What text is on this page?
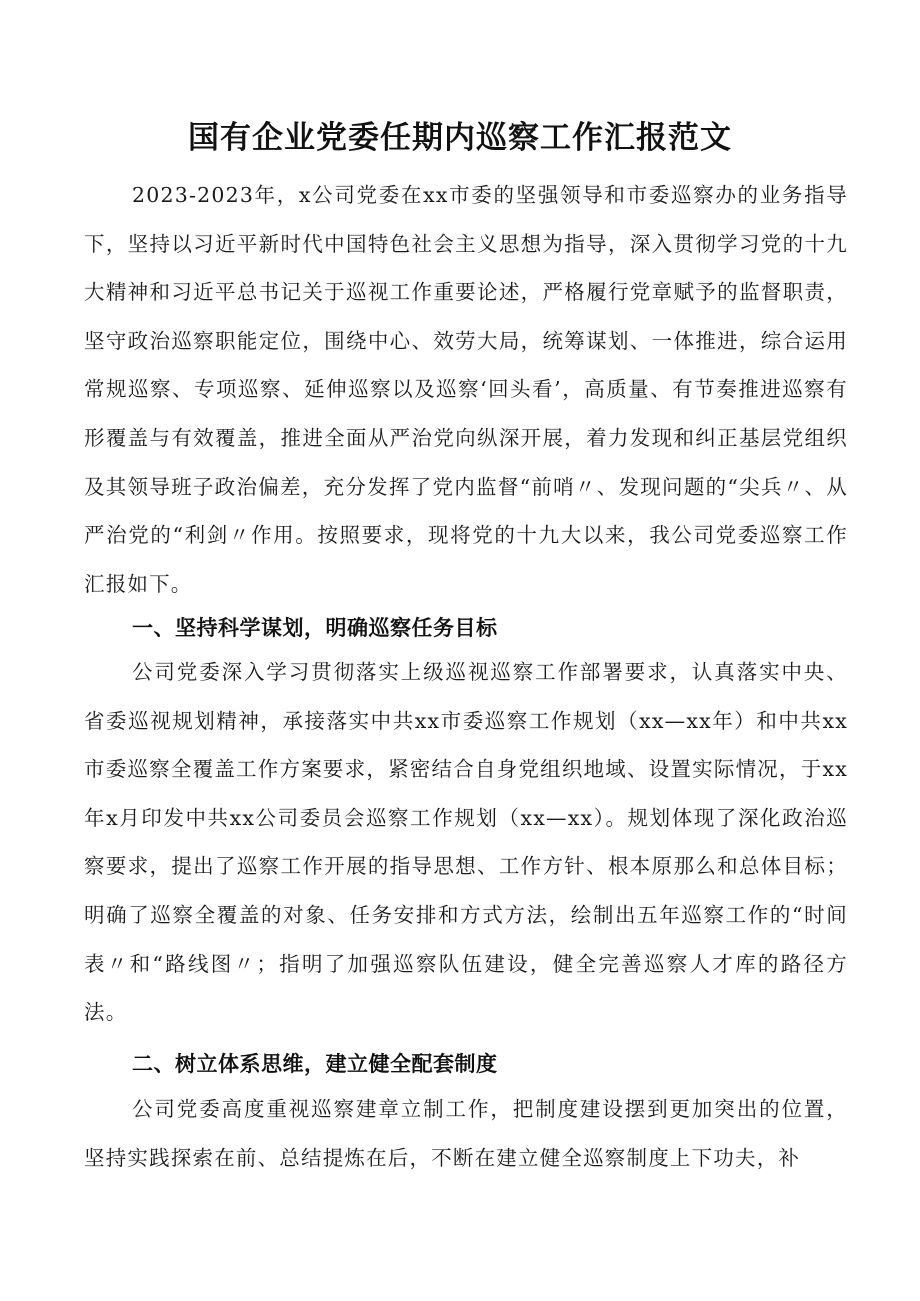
国有企业党委任期内巡察工作汇报范文

2023-2023年，x公司党委在xx市委的坚强领导和市委巡察办的业务指导下，坚持以习近平新时代中国特色社会主义思想为指导，深入贯彻学习党的十九大精神和习近平总书记关于巡视工作重要论述，严格履行党章赋予的监督职责，坚守政治巡察职能定位，围绕中心、效劳大局，统筹谋划、一体推进，综合运用常规巡察、专项巡察、延伸巡察以及巡察‘回头看’，高质量、有节奏推进巡察有形覆盖与有效覆盖，推进全面从严治党向纵深开展，着力发现和纠正基层党组织及其领导班子政治偏差，充分发挥了党内监督“前哨〃、发现问题的“尖兵〃、从严治党的“利剑〃作用。按照要求，现将党的十九大以来，我公司党委巡察工作汇报如下。

一、坚持科学谋划，明确巡察任务目标

公司党委深入学习贯彻落实上级巡视巡察工作部署要求，认真落实中央、省委巡视规划精神，承接落实中共xx市委巡察工作规划（xx—xx年）和中共xx市委巡察全覆盖工作方案要求，紧密结合自身党组织地域、设置实际情况，于xx年x月印发中共xx公司委员会巡察工作规划（xx—xx）。规划体现了深化政治巡察要求，提出了巡察工作开展的指导思想、工作方针、根本原那么和总体目标；明确了巡察全覆盖的对象、任务安排和方式方法，绘制出五年巡察工作的“时间表〃和“路线图〃；指明了加强巡察队伍建设，健全完善巡察人才库的路径方法。

二、树立体系思维，建立健全配套制度

公司党委高度重视巡察建章立制工作，把制度建设摆到更加突出的位置，坚持实践探索在前、总结提炼在后，不断在建立健全巡察制度上下功夫，补
